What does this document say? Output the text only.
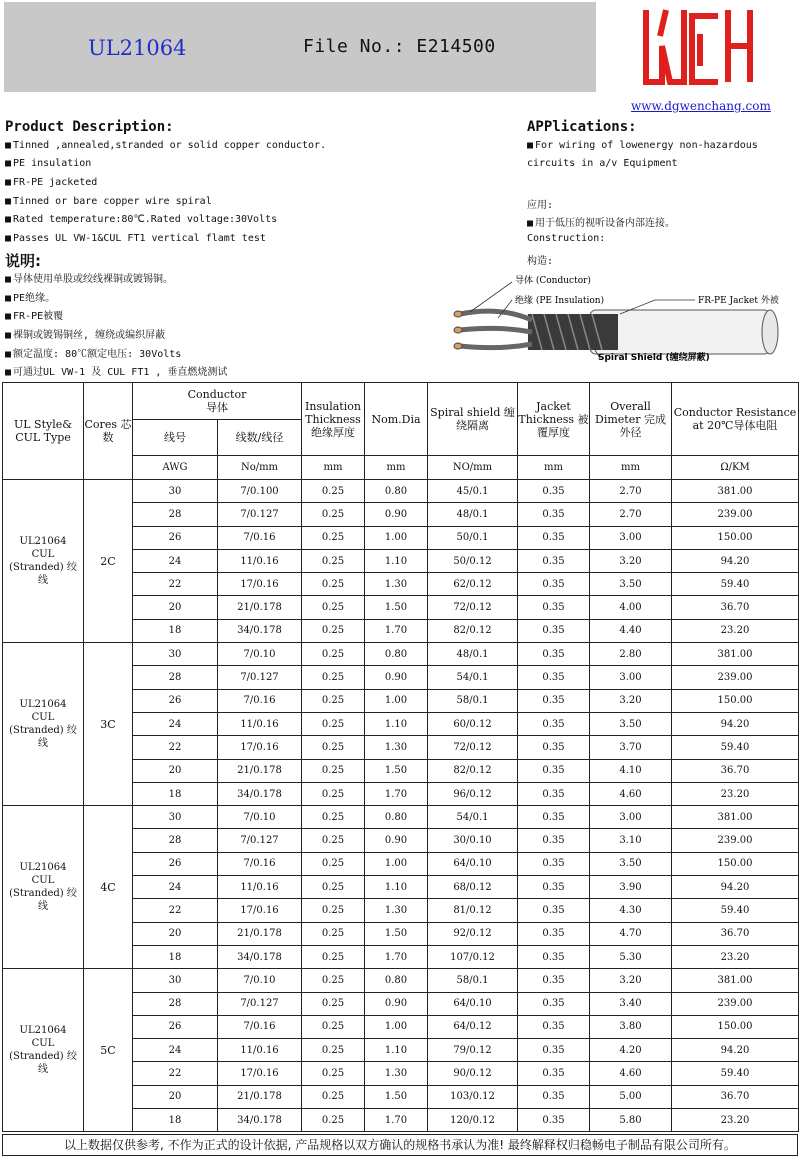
UL21064	File No.: E214500
www.dgwenchang.com
Product Description:
■ Tinned ,annealed,stranded or solid copper conductor.
■ PE insulation
■ FR-PE jacketed
■ Tinned or bare copper wire spiral
■ Rated temperature:80℃.Rated voltage:30Volts
■ Passes UL VW-1&CUL FT1 vertical flamt test
说明:
■ 导体使用单股或绞线裸铜或镀锡铜。
■ PE绝缘。
■ FR-PE被覆
■ 裸铜或镀锡铜丝, 缠绕或编织屏蔽
■ 额定温度: 80℃额定电压: 30Volts
■ 可通过UL VW-1 及 CUL FT1 , 垂直燃烧测试
APPlications:
■ For wiring of lowenergy non-hazardous
circuits in a/v Equipment
应用:
■ 用于低压的视听设备内部连接。
Construction:
构造:
导体 (Conductor)
绝缘 (PE Insulation)	FR-PE Jacket 外被
Spiral Shield (缠绕屏蔽)
UL Style& CUL Type	Cores 芯数	Conductor
导体		Insulation Thickness 绝缘厚度	Nom.Dia	Spiral shield 缠绕隔离	Jacket Thickness 被覆厚度	Overall Dimeter 完成外径	Conductor Resistance at 20℃导体电阻
		线号	线数/线径						
		AWG	No/mm	mm	mm	NO/mm	mm	mm	Ω/KM
UL21064 CUL (Stranded) 绞线	2C	30	7/0.100	0.25	0.80	45/0.1	0.35	2.70	381.00
		28	7/0.127	0.25	0.90	48/0.1	0.35	2.70	239.00
		26	7/0.16	0.25	1.00	50/0.1	0.35	3.00	150.00
		24	11/0.16	0.25	1.10	50/0.12	0.35	3.20	94.20
		22	17/0.16	0.25	1.30	62/0.12	0.35	3.50	59.40
		20	21/0.178	0.25	1.50	72/0.12	0.35	4.00	36.70
		18	34/0.178	0.25	1.70	82/0.12	0.35	4.40	23.20
UL21064 CUL (Stranded) 绞线	3C	30	7/0.10	0.25	0.80	48/0.1	0.35	2.80	381.00
		28	7/0.127	0.25	0.90	54/0.1	0.35	3.00	239.00
		26	7/0.16	0.25	1.00	58/0.1	0.35	3.20	150.00
		24	11/0.16	0.25	1.10	60/0.12	0.35	3.50	94.20
		22	17/0.16	0.25	1.30	72/0.12	0.35	3.70	59.40
		20	21/0.178	0.25	1.50	82/0.12	0.35	4.10	36.70
		18	34/0.178	0.25	1.70	96/0.12	0.35	4.60	23.20
UL21064 CUL (Stranded) 绞线	4C	30	7/0.10	0.25	0.80	54/0.1	0.35	3.00	381.00
		28	7/0.127	0.25	0.90	30/0.10	0.35	3.10	239.00
		26	7/0.16	0.25	1.00	64/0.10	0.35	3.50	150.00
		24	11/0.16	0.25	1.10	68/0.12	0.35	3.90	94.20
		22	17/0.16	0.25	1.30	81/0.12	0.35	4.30	59.40
		20	21/0.178	0.25	1.50	92/0.12	0.35	4.70	36.70
		18	34/0.178	0.25	1.70	107/0.12	0.35	5.30	23.20
UL21064 CUL (Stranded) 绞线	5C	30	7/0.10	0.25	0.80	58/0.1	0.35	3.20	381.00
		28	7/0.127	0.25	0.90	64/0.10	0.35	3.40	239.00
		26	7/0.16	0.25	1.00	64/0.12	0.35	3.80	150.00
		24	11/0.16	0.25	1.10	79/0.12	0.35	4.20	94.20
		22	17/0.16	0.25	1.30	90/0.12	0.35	4.60	59.40
		20	21/0.178	0.25	1.50	103/0.12	0.35	5.00	36.70
		18	34/0.178	0.25	1.70	120/0.12	0.35	5.80	23.20
以上数据仅供参考, 不作为正式的设计依据, 产品规格以双方确认的规格书承认为准! 最终解释权归稳畅电子制品有限公司所有。
